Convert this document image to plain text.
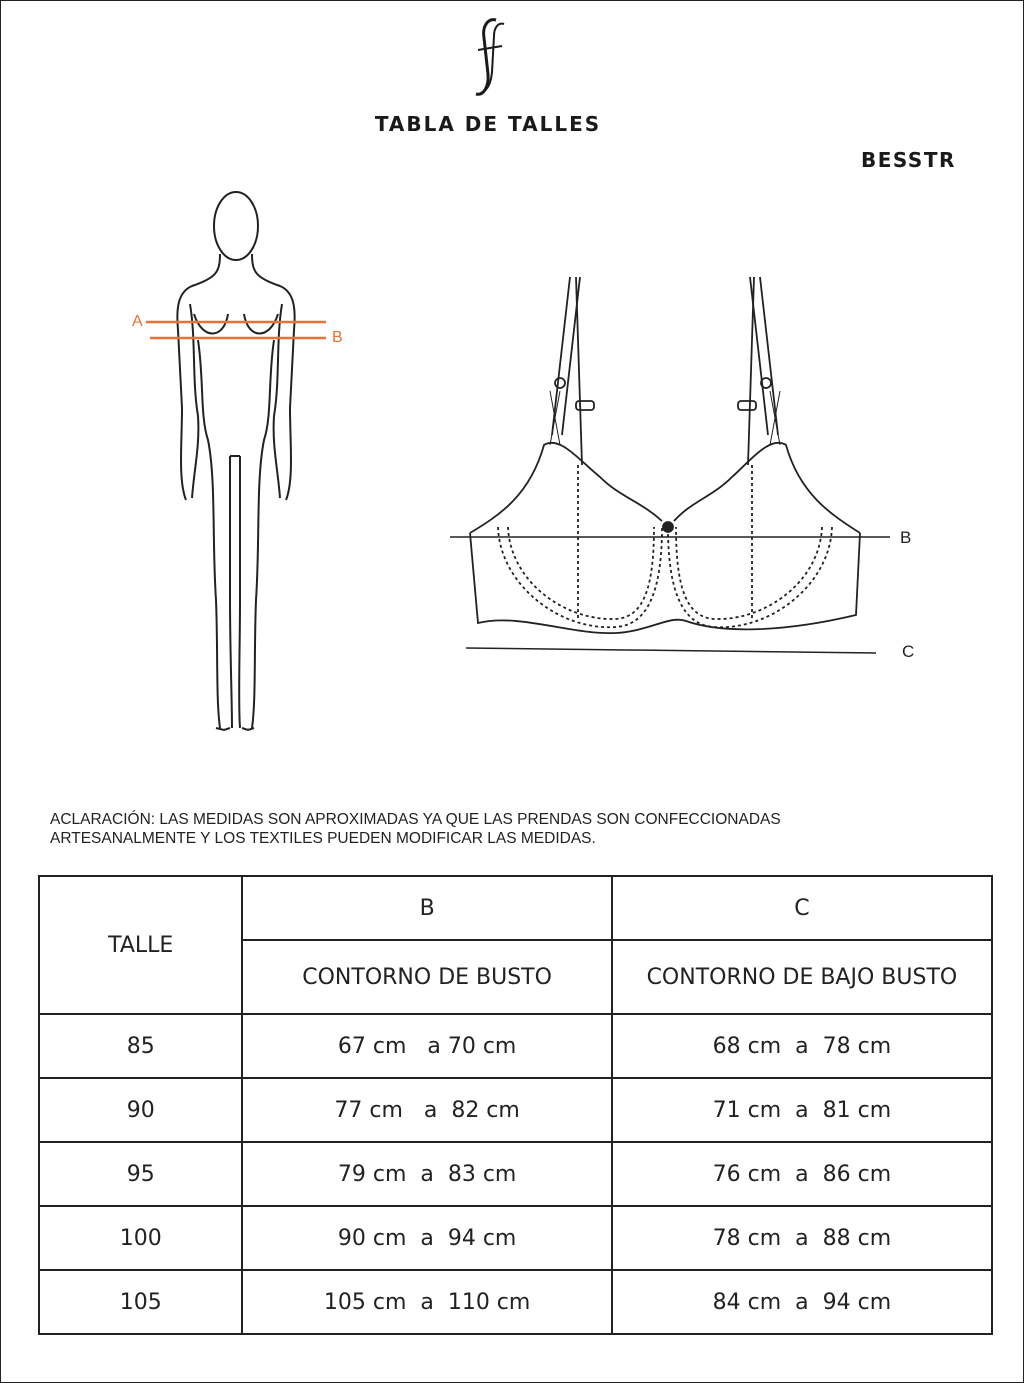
TABLA DE TALLES
BESSTR
A
B
B
C
ACLARACIÓN: LAS MEDIDAS SON APROXIMADAS YA QUE LAS PRENDAS SON CONFECCIONADAS
ARTESANALMENTE Y LOS TEXTILES PUEDEN MODIFICAR LAS MEDIDAS.
TALLE	B	C
	CONTORNO DE BUSTO	CONTORNO DE BAJO BUSTO
85	67 cm   a 70 cm	68 cm  a  78 cm
90	77 cm   a  82 cm	71 cm  a  81 cm
95	79 cm  a  83 cm	76 cm  a  86 cm
100	90 cm  a  94 cm	78 cm  a  88 cm
105	105 cm  a  110 cm	84 cm  a  94 cm
